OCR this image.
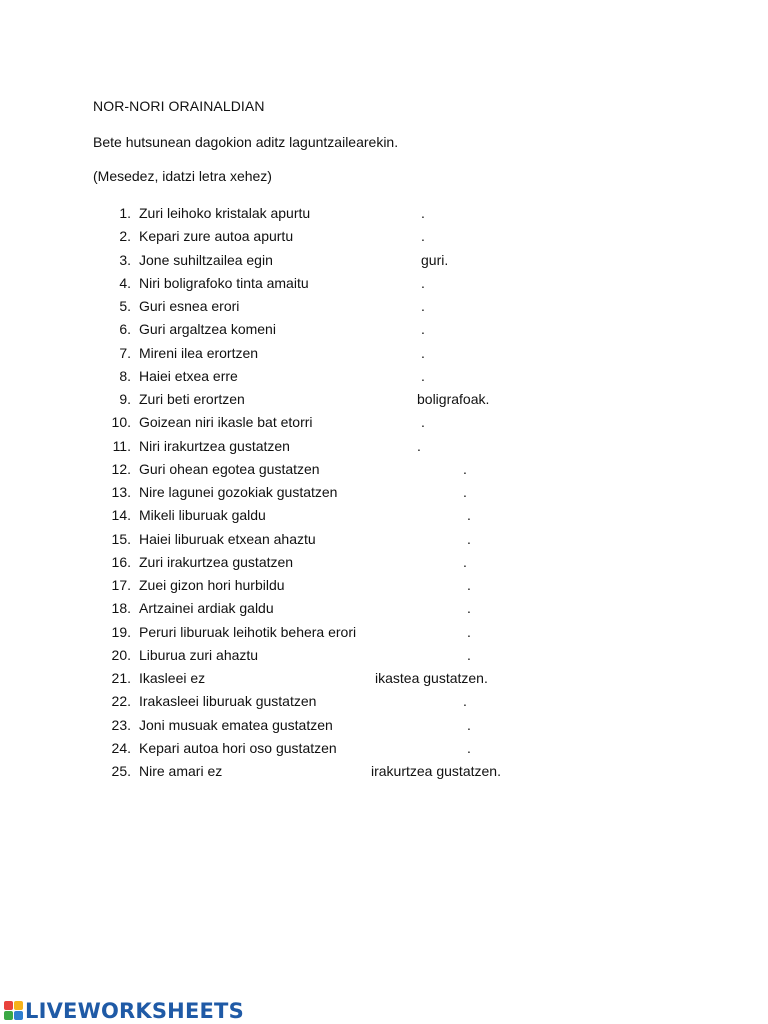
NOR-NORI ORAINALDIAN
Bete hutsunean dagokion aditz laguntzailearekin.
(Mesedez, idatzi letra xehez)
1. Zuri leihoko kristalak apurtu	.
2. Kepari zure autoa apurtu	.
3. Jone suhiltzailea egin	guri.
4. Niri boligrafoko tinta amaitu	.
5. Guri esnea erori	.
6. Guri argaltzea komeni	.
7. Mireni ilea erortzen	.
8. Haiei etxea erre	.
9. Zuri beti erortzen	boligrafoak.
10. Goizean niri ikasle bat etorri	.
11. Niri irakurtzea gustatzen	.
12. Guri ohean egotea gustatzen	.
13. Nire lagunei gozokiak gustatzen	.
14. Mikeli liburuak galdu	.
15. Haiei liburuak etxean ahaztu	.
16. Zuri irakurtzea gustatzen	.
17. Zuei gizon hori hurbildu	.
18. Artzainei ardiak galdu	.
19. Peruri liburuak leihotik behera erori	.
20. Liburua zuri ahaztu	.
21. Ikasleei ez	ikastea gustatzen.
22. Irakasleei liburuak gustatzen	.
23. Joni musuak ematea gustatzen	.
24. Kepari autoa hori oso gustatzen	.
25. Nire amari ez	irakurtzea gustatzen.
LIVEWORKSHEETS
